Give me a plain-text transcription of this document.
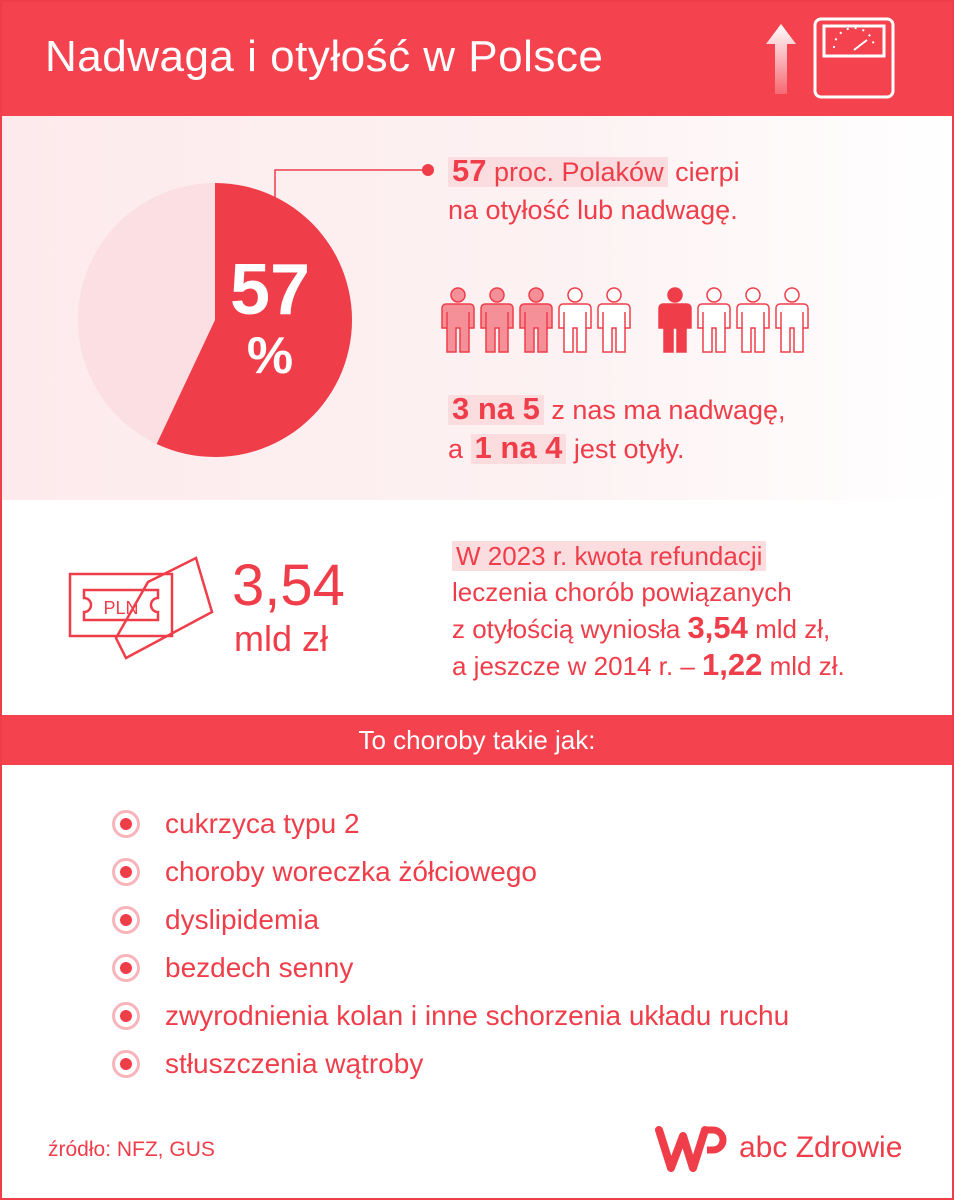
Nadwaga i otyłość w Polsce
57
%
57 proc. Polaków cierpi
na otyłość lub nadwagę.
3 na 5 z nas ma nadwagę,
a 1 na 4 jest otyły.
PLN 3,54
mld zł
W 2023 r. kwota refundacji
leczenia chorób powiązanych
z otyłością wyniosła 3,54 mld zł,
a jeszcze w 2014 r. – 1,22 mld zł.
To choroby takie jak:
cukrzyca typu 2
choroby woreczka żółciowego
dyslipidemia
bezdech senny
zwyrodnienia kolan i inne schorzenia układu ruchu
stłuszczenia wątroby
źródło: NFZ, GUS	abc Zdrowie
